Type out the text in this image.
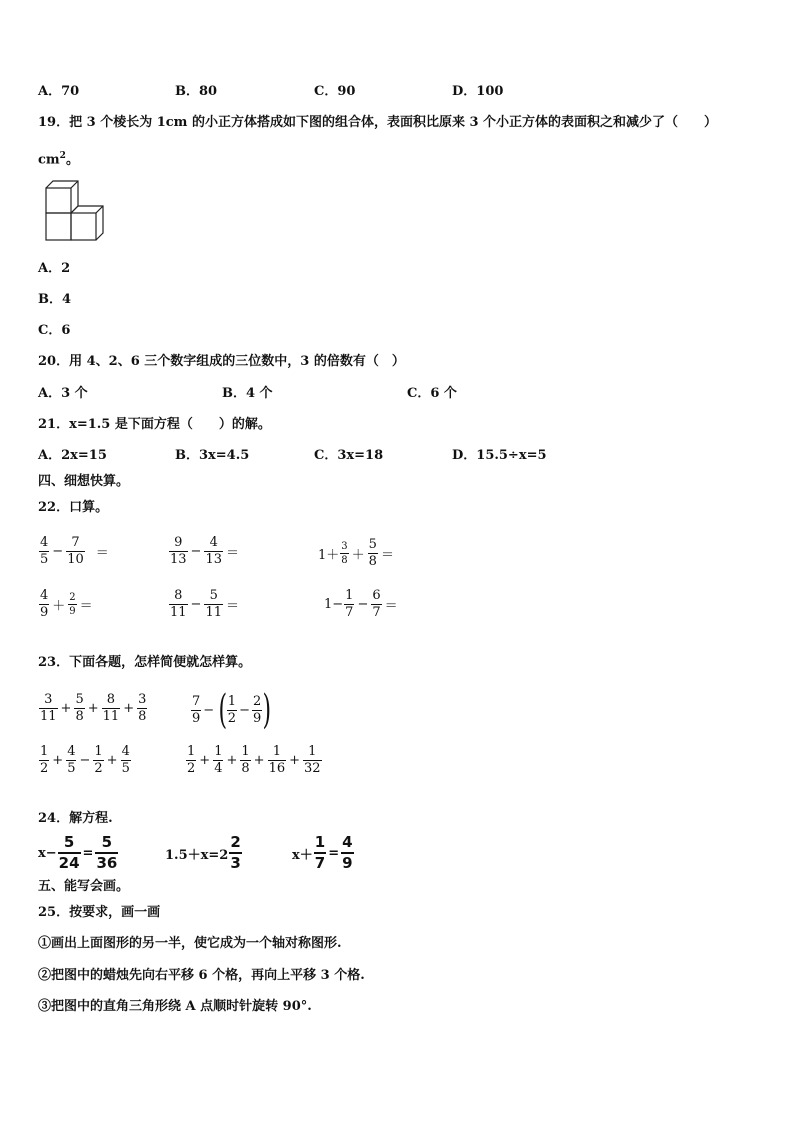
A．70	B．80	C．90	D．100
19．把 3 个棱长为 1cm 的小正方体搭成如下图的组合体，表面积比原来 3 个小正方体的表面积之和减少了（　　）
$cm^2$。
A．2
B．4
C．6
20．用 4、2、6 三个数字组成的三位数中，3 的倍数有（　）
A．3 个	B．4 个	C．6 个
21．x=1.5 是下面方程（　　）的解。
A．2x=15	B．3x=4.5	C．3x=18	D．15.5÷x=5
四、细想快算。
22．口算。
$\frac{4}{5} - \frac{7}{10}$ ＝	$\frac{9}{13} - \frac{4}{13}$ ＝	$1+ \frac{3}{8} + \frac{5}{8}$ ＝
$\frac{4}{9} + \frac{2}{9}$ ＝	$\frac{8}{11} - \frac{5}{11}$ ＝	$1- \frac{1}{7} - \frac{6}{7}$ ＝
23．下面各题，怎样简便就怎样算。
$\frac{3}{11} + \frac{5}{8} + \frac{8}{11} + \frac{3}{8}$	$\frac{7}{9}$ − ( $\frac{1}{2} - \frac{2}{9}$ )
$\frac{1}{2} + \frac{4}{5} - \frac{1}{2} + \frac{4}{5}$	$\frac{1}{2} + \frac{1}{4} + \frac{1}{8} + \frac{1}{16} + \frac{1}{32}$
24．解方程.
$x- \frac{5}{24} = \frac{5}{36}$	$1.5+x=2 \frac{2}{3}$	$x+ \frac{1}{7} = \frac{4}{9}$
五、能写会画。
25．按要求，画一画
①画出上面图形的另一半，使它成为一个轴对称图形.
②把图中的蜡烛先向右平移 6 个格，再向上平移 3 个格.
③把图中的直角三角形绕 A 点顺时针旋转 90°.
